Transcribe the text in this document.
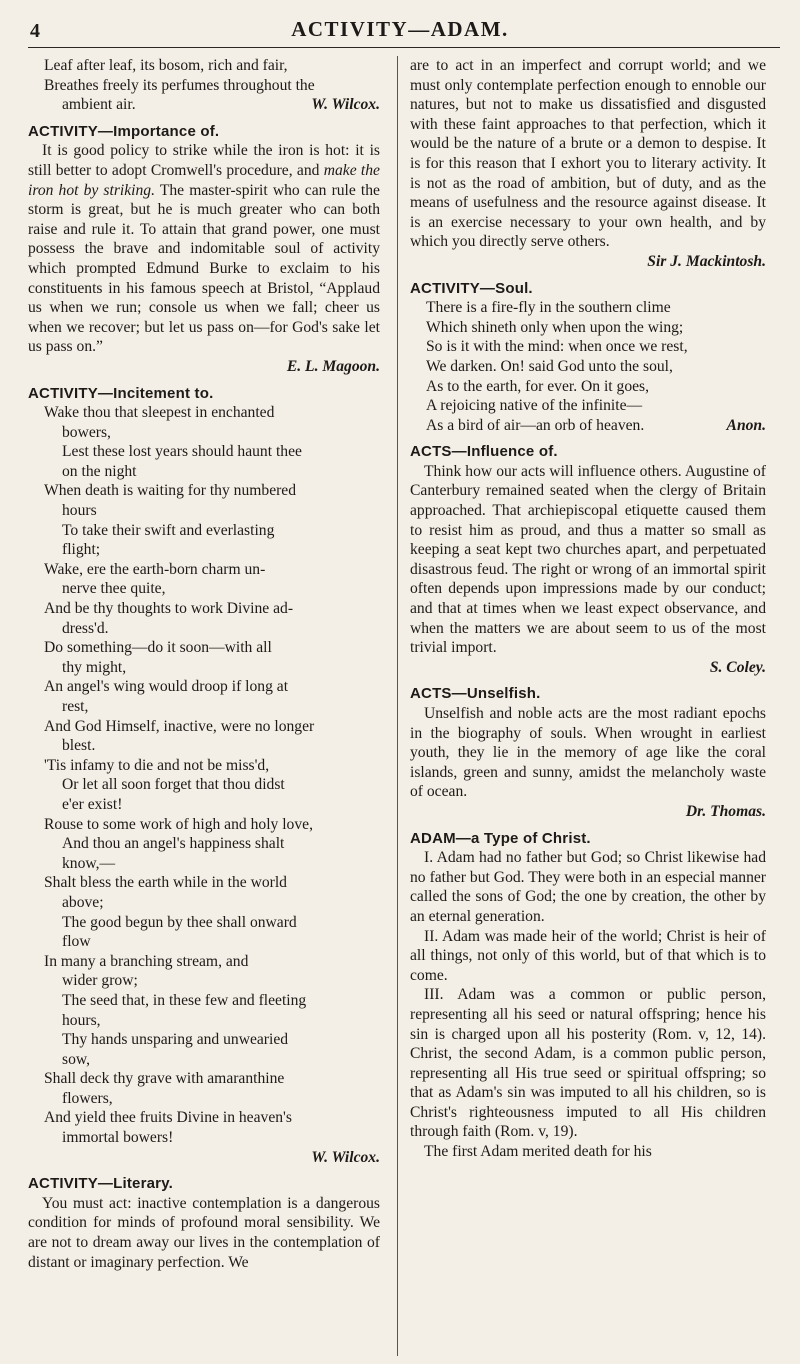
4	ACTIVITY—ADAM.

Leaf after leaf, its bosom, rich and fair,

Breathes freely its perfumes throughout the

ambient air.	W. Wilcox.

ACTIVITY—Importance of.

It is good policy to strike while the iron is hot: it is still better to adopt Cromwell's procedure, and make the iron hot by striking. The master-spirit who can rule the storm is great, but he is much greater who can both raise and rule it. To attain that grand power, one must possess the brave and indomitable soul of activity which prompted Edmund Burke to exclaim to his constituents in his famous speech at Bristol, “Applaud us when we run; console us when we fall; cheer us when we recover; but let us pass on—for God's sake let us pass on.”

E. L. Magoon.

ACTIVITY—Incitement to.

Wake thou that sleepest in enchanted

bowers,

Lest these lost years should haunt thee

on the night

When death is waiting for thy numbered

hours

To take their swift and everlasting

flight;

Wake, ere the earth-born charm un-

nerve thee quite,

And be thy thoughts to work Divine ad-

dress'd.

Do something—do it soon—with all

thy might,

An angel's wing would droop if long at

rest,

And God Himself, inactive, were no longer

blest.

'Tis infamy to die and not be miss'd,

Or let all soon forget that thou didst

e'er exist!

Rouse to some work of high and holy love,

And thou an angel's happiness shalt

know,—

Shalt bless the earth while in the world

above;

The good begun by thee shall onward

flow

In many a branching stream, and

wider grow;

The seed that, in these few and fleeting

hours,

Thy hands unsparing and unwearied

sow,

Shall deck thy grave with amaranthine

flowers,

And yield thee fruits Divine in heaven's

immortal bowers!

W. Wilcox.

ACTIVITY—Literary.

You must act: inactive contemplation is a dangerous condition for minds of profound moral sensibility. We are not to dream away our lives in the contemplation of distant or imaginary perfection. We

are to act in an imperfect and corrupt world; and we must only contemplate perfection enough to ennoble our natures, but not to make us dissatisfied and disgusted with these faint approaches to that perfection, which it would be the nature of a brute or a demon to despise. It is for this reason that I exhort you to literary activity. It is not as the road of ambition, but of duty, and as the means of usefulness and the resource against disease. It is an exercise necessary to your own health, and by which you directly serve others.

Sir J. Mackintosh.

ACTIVITY—Soul.

There is a fire-fly in the southern clime

Which shineth only when upon the wing;

So is it with the mind: when once we rest,

We darken. On! said God unto the soul,

As to the earth, for ever. On it goes,

A rejoicing native of the infinite—

As a bird of air—an orb of heaven.	Anon.

ACTS—Influence of.

Think how our acts will influence others. Augustine of Canterbury remained seated when the clergy of Britain approached. That archiepiscopal etiquette caused them to resist him as proud, and thus a matter so small as keeping a seat kept two churches apart, and perpetuated disastrous feud. The right or wrong of an immortal spirit often depends upon impressions made by our conduct; and that at times when we least expect observance, and when the matters we are about seem to us of the most trivial import.

S. Coley.

ACTS—Unselfish.

Unselfish and noble acts are the most radiant epochs in the biography of souls. When wrought in earliest youth, they lie in the memory of age like the coral islands, green and sunny, amidst the melancholy waste of ocean.

Dr. Thomas.

ADAM—a Type of Christ.

I. Adam had no father but God; so Christ likewise had no father but God. They were both in an especial manner called the sons of God; the one by creation, the other by an eternal generation.

II. Adam was made heir of the world; Christ is heir of all things, not only of this world, but of that which is to come.

III. Adam was a common or public person, representing all his seed or natural offspring; hence his sin is charged upon all his posterity (Rom. v, 12, 14). Christ, the second Adam, is a common public person, representing all His true seed or spiritual offspring; so that as Adam's sin was imputed to all his children, so is Christ's righteousness imputed to all His children through faith (Rom. v, 19).

The first Adam merited death for his
